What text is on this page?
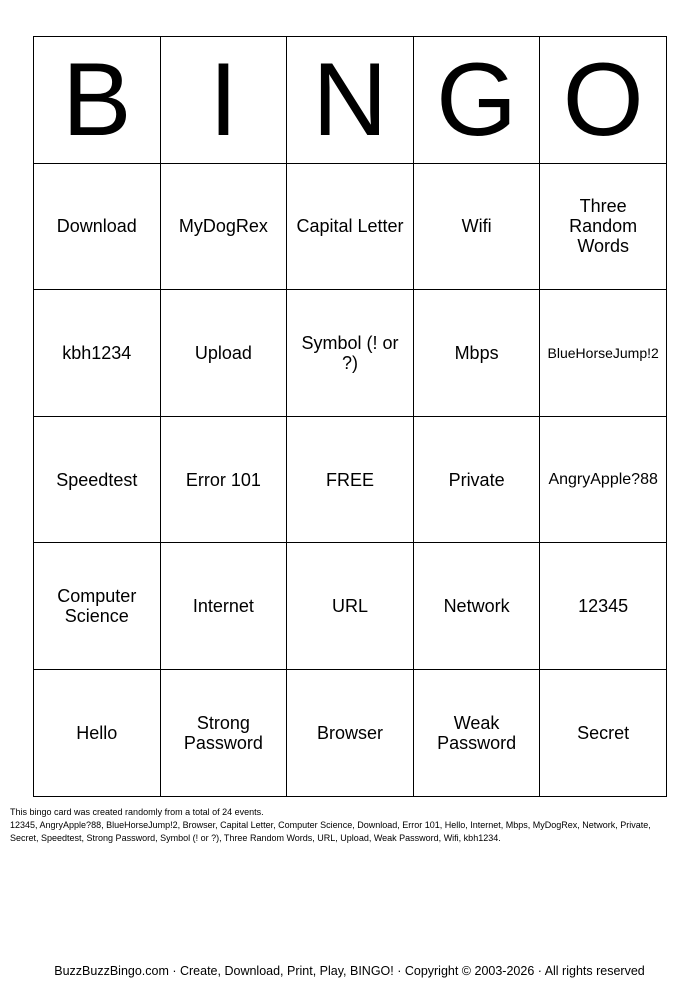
B	I	N	G	O
Download	MyDogRex	Capital Letter	Wifi	Three Random Words
kbh1234	Upload	Symbol (! or ?)	Mbps	BlueHorseJump!2
Speedtest	Error 101	FREE	Private	AngryApple?88
Computer Science	Internet	URL	Network	12345
Hello	Strong Password	Browser	Weak Password	Secret
This bingo card was created randomly from a total of 24 events.
12345, AngryApple?88, BlueHorseJump!2, Browser, Capital Letter, Computer Science, Download, Error 101, Hello, Internet, Mbps, MyDogRex, Network, Private,
Secret, Speedtest, Strong Password, Symbol (! or ?), Three Random Words, URL, Upload, Weak Password, Wifi, kbh1234.
BuzzBuzzBingo.com · Create, Download, Print, Play, BINGO! · Copyright © 2003-2026 · All rights reserved
